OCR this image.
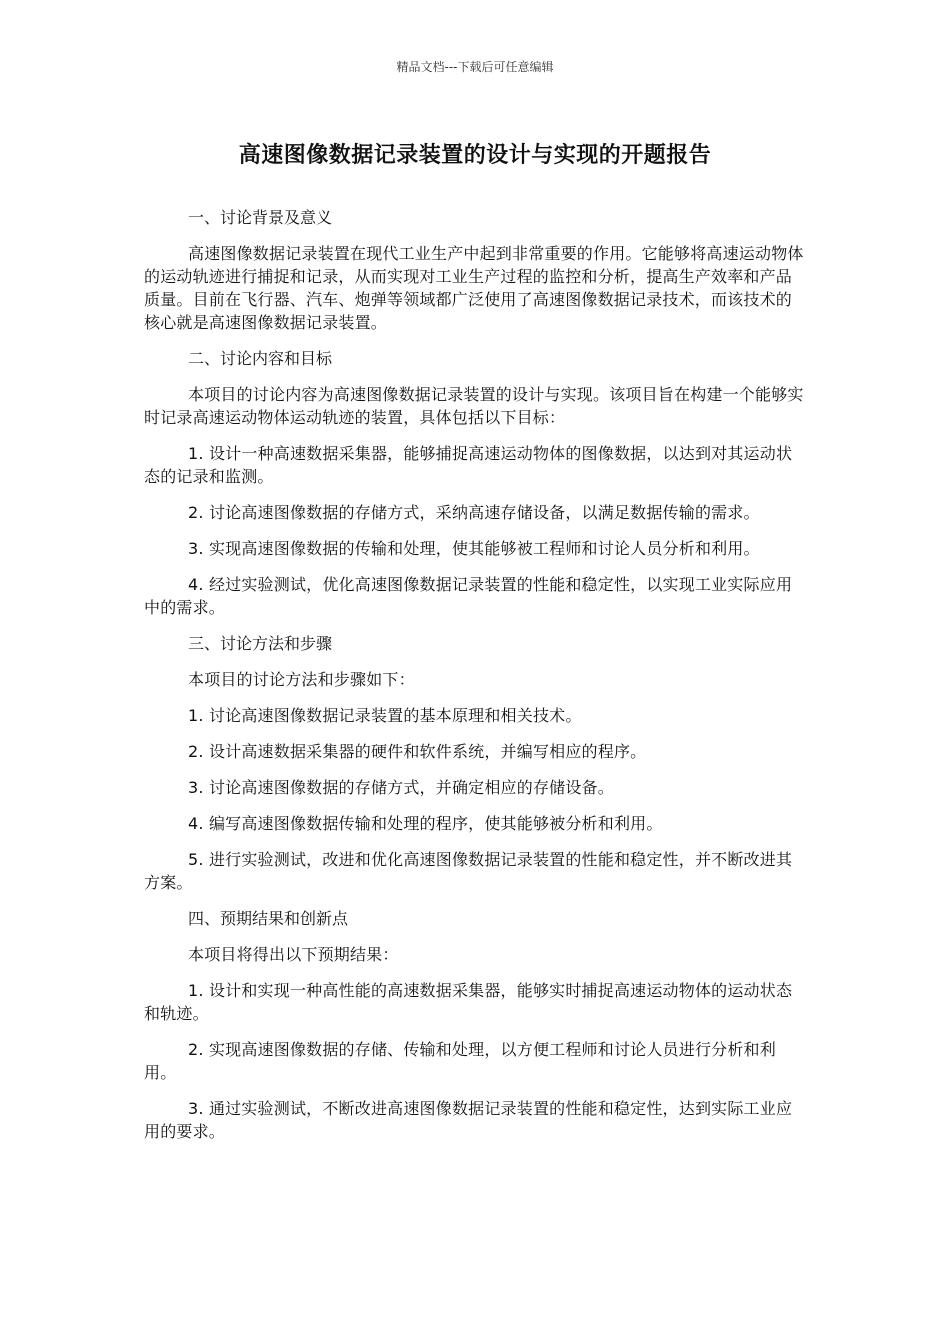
精品文档---下载后可任意编辑
高速图像数据记录装置的设计与实现的开题报告
一、讨论背景及意义

高速图像数据记录装置在现代工业生产中起到非常重要的作用。它能够将高速运动物体的运动轨迹进行捕捉和记录，从而实现对工业生产过程的监控和分析，提高生产效率和产品质量。目前在飞行器、汽车、炮弹等领域都广泛使用了高速图像数据记录技术，而该技术的核心就是高速图像数据记录装置。

二、讨论内容和目标

本项目的讨论内容为高速图像数据记录装置的设计与实现。该项目旨在构建一个能够实时记录高速运动物体运动轨迹的装置，具体包括以下目标：

1. 设计一种高速数据采集器，能够捕捉高速运动物体的图像数据，以达到对其运动状态的记录和监测。

2. 讨论高速图像数据的存储方式，采纳高速存储设备，以满足数据传输的需求。

3. 实现高速图像数据的传输和处理，使其能够被工程师和讨论人员分析和利用。

4. 经过实验测试，优化高速图像数据记录装置的性能和稳定性，以实现工业实际应用中的需求。

三、讨论方法和步骤

本项目的讨论方法和步骤如下：

1. 讨论高速图像数据记录装置的基本原理和相关技术。

2. 设计高速数据采集器的硬件和软件系统，并编写相应的程序。

3. 讨论高速图像数据的存储方式，并确定相应的存储设备。

4. 编写高速图像数据传输和处理的程序，使其能够被分析和利用。

5. 进行实验测试，改进和优化高速图像数据记录装置的性能和稳定性，并不断改进其方案。

四、预期结果和创新点

本项目将得出以下预期结果：

1. 设计和实现一种高性能的高速数据采集器，能够实时捕捉高速运动物体的运动状态和轨迹。

2. 实现高速图像数据的存储、传输和处理，以方便工程师和讨论人员进行分析和利用。

3. 通过实验测试，不断改进高速图像数据记录装置的性能和稳定性，达到实际工业应用的要求。
